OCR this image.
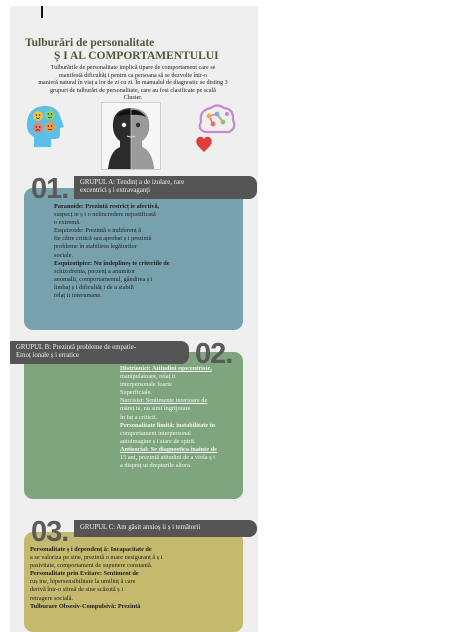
Tulburări de personalitate
Ș I AL COMPORTAMENTULUI
Tulburările de personalitate implică tipare de comportament care se
manifestă dificultăț i pentru ca persoana să se dezvolte într-o
manieră natural în viaț a lor de zi cu zi. În manualul de diagnostic se disting 3
grupuri de tulburări de personalitate, care au fost clasificate pe scală
Cluster.
Paranoide: Prezintă restricț ie afectivă,
suspecț ie ș i o nelincredere nejustificată
o extremă.
Esquizoide: Prezintă o indiferenț ă
fie către critică sau aprobat ș i prezintă
probleme în stabilirea legăturilor
sociale.
Esquizotipice: Nu îndeplineș te criteriile de
schizofrenia, prezenț a anumitor
anomalii, comportamentul, gândirea ș i
limbaj ș i dificultăț i de a stabili
relaț ii interumane.
01. GRUPUL A: Tendinț a de izolare, rare
excentrici ș i extravaganți
Histrionici: Atitudini egocentriste,
manipulatoare, relaț ii
interpersonale foarte
Superficiale.
Narcisist: Sentimente interioare de
măreț ie, nu simt îngrijorare
în faț a criticii.
Personalitate limită: instabilitate în
comportament interpersonal
autoimagine ș i stare de spirit.
Antisocial: Se diagnostica înainte de
15 ani, prezintă atitudini de a viola ș i
a dispreț ui drepturile altora.
GRUPUL B: Prezintă probleme de empatie-
Emoț ionale ș i erratice	02.
Personalitate ș i dependenț ă: Incapacitate de
a se valoriza pe sine, prezintă o mare nesiguranț ă ș i
pasivitate, comportament de supunere constantă.
Personalitate prin Evitare: Sentiment de
ruș ine, hipersensibilitate la umilinț ă care
derivă într-o stimă de sine scăzută ș i
retragere socială.
Tulburare Obsesiv-Compulsivă: Prezintă
03. GRUPUL C: Am găsit anxioș ii ș i temătorii
